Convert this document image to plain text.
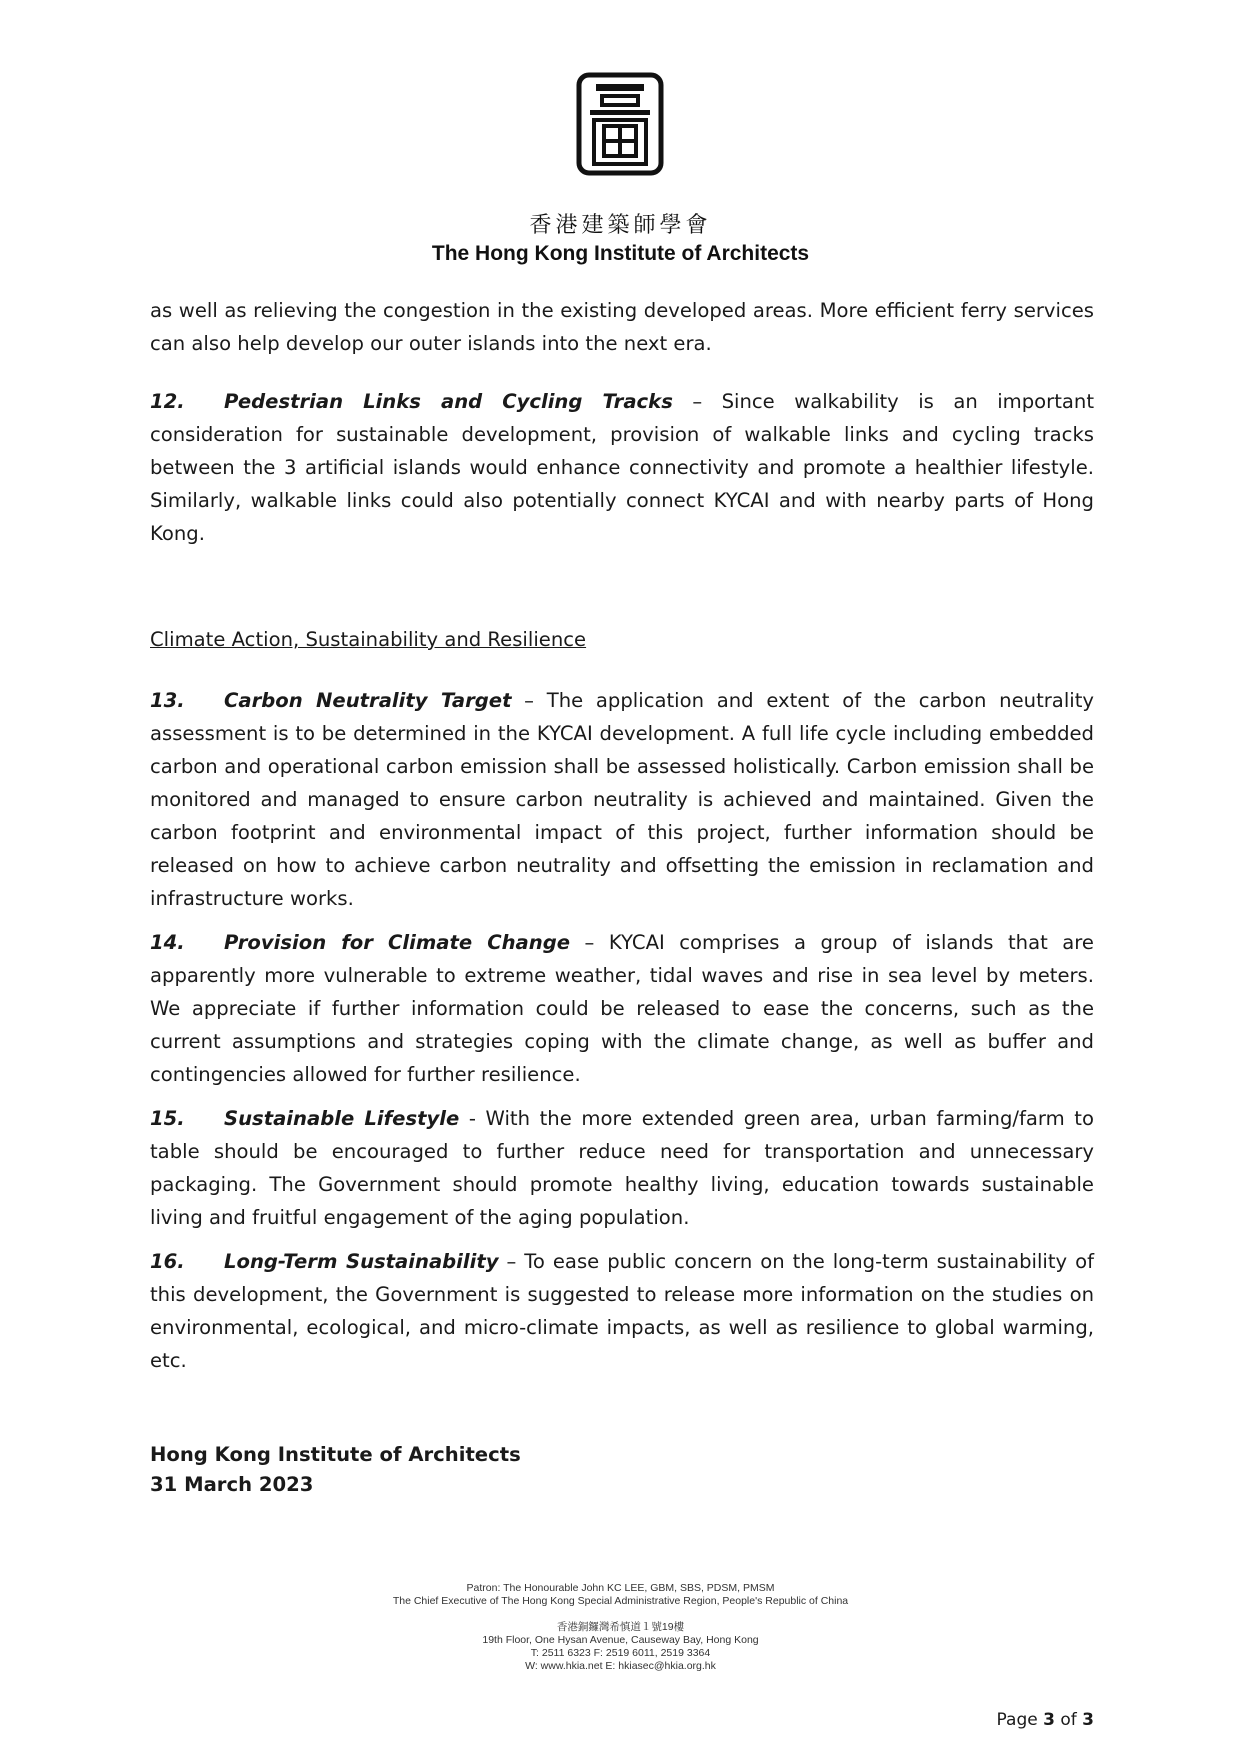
香港建築師學會
The Hong Kong Institute of Architects

as well as relieving the congestion in the existing developed areas. More efficient ferry services can also help develop our outer islands into the next era.

12. Pedestrian Links and Cycling Tracks – Since walkability is an important consideration for sustainable development, provision of walkable links and cycling tracks between the 3 artificial islands would enhance connectivity and promote a healthier lifestyle. Similarly, walkable links could also potentially connect KYCAI and with nearby parts of Hong Kong.

Climate Action, Sustainability and Resilience

13. Carbon Neutrality Target – The application and extent of the carbon neutrality assessment is to be determined in the KYCAI development. A full life cycle including embedded carbon and operational carbon emission shall be assessed holistically. Carbon emission shall be monitored and managed to ensure carbon neutrality is achieved and maintained. Given the carbon footprint and environmental impact of this project, further information should be released on how to achieve carbon neutrality and offsetting the emission in reclamation and infrastructure works.

14. Provision for Climate Change – KYCAI comprises a group of islands that are apparently more vulnerable to extreme weather, tidal waves and rise in sea level by meters. We appreciate if further information could be released to ease the concerns, such as the current assumptions and strategies coping with the climate change, as well as buffer and contingencies allowed for further resilience.

15. Sustainable Lifestyle - With the more extended green area, urban farming/farm to table should be encouraged to further reduce need for transportation and unnecessary packaging. The Government should promote healthy living, education towards sustainable living and fruitful engagement of the aging population.

16. Long-Term Sustainability – To ease public concern on the long-term sustainability of this development, the Government is suggested to release more information on the studies on environmental, ecological, and micro-climate impacts, as well as resilience to global warming, etc.

Hong Kong Institute of Architects
31 March 2023
Patron: The Honourable John KC LEE, GBM, SBS, PDSM, PMSM
The Chief Executive of The Hong Kong Special Administrative Region, People's Republic of China
香港銅鑼灣希慎道１號19樓
19th Floor, One Hysan Avenue, Causeway Bay, Hong Kong
T: 2511 6323 F: 2519 6011, 2519 3364
W: www.hkia.net E: hkiasec@hkia.org.hk
Page 3 of 3
